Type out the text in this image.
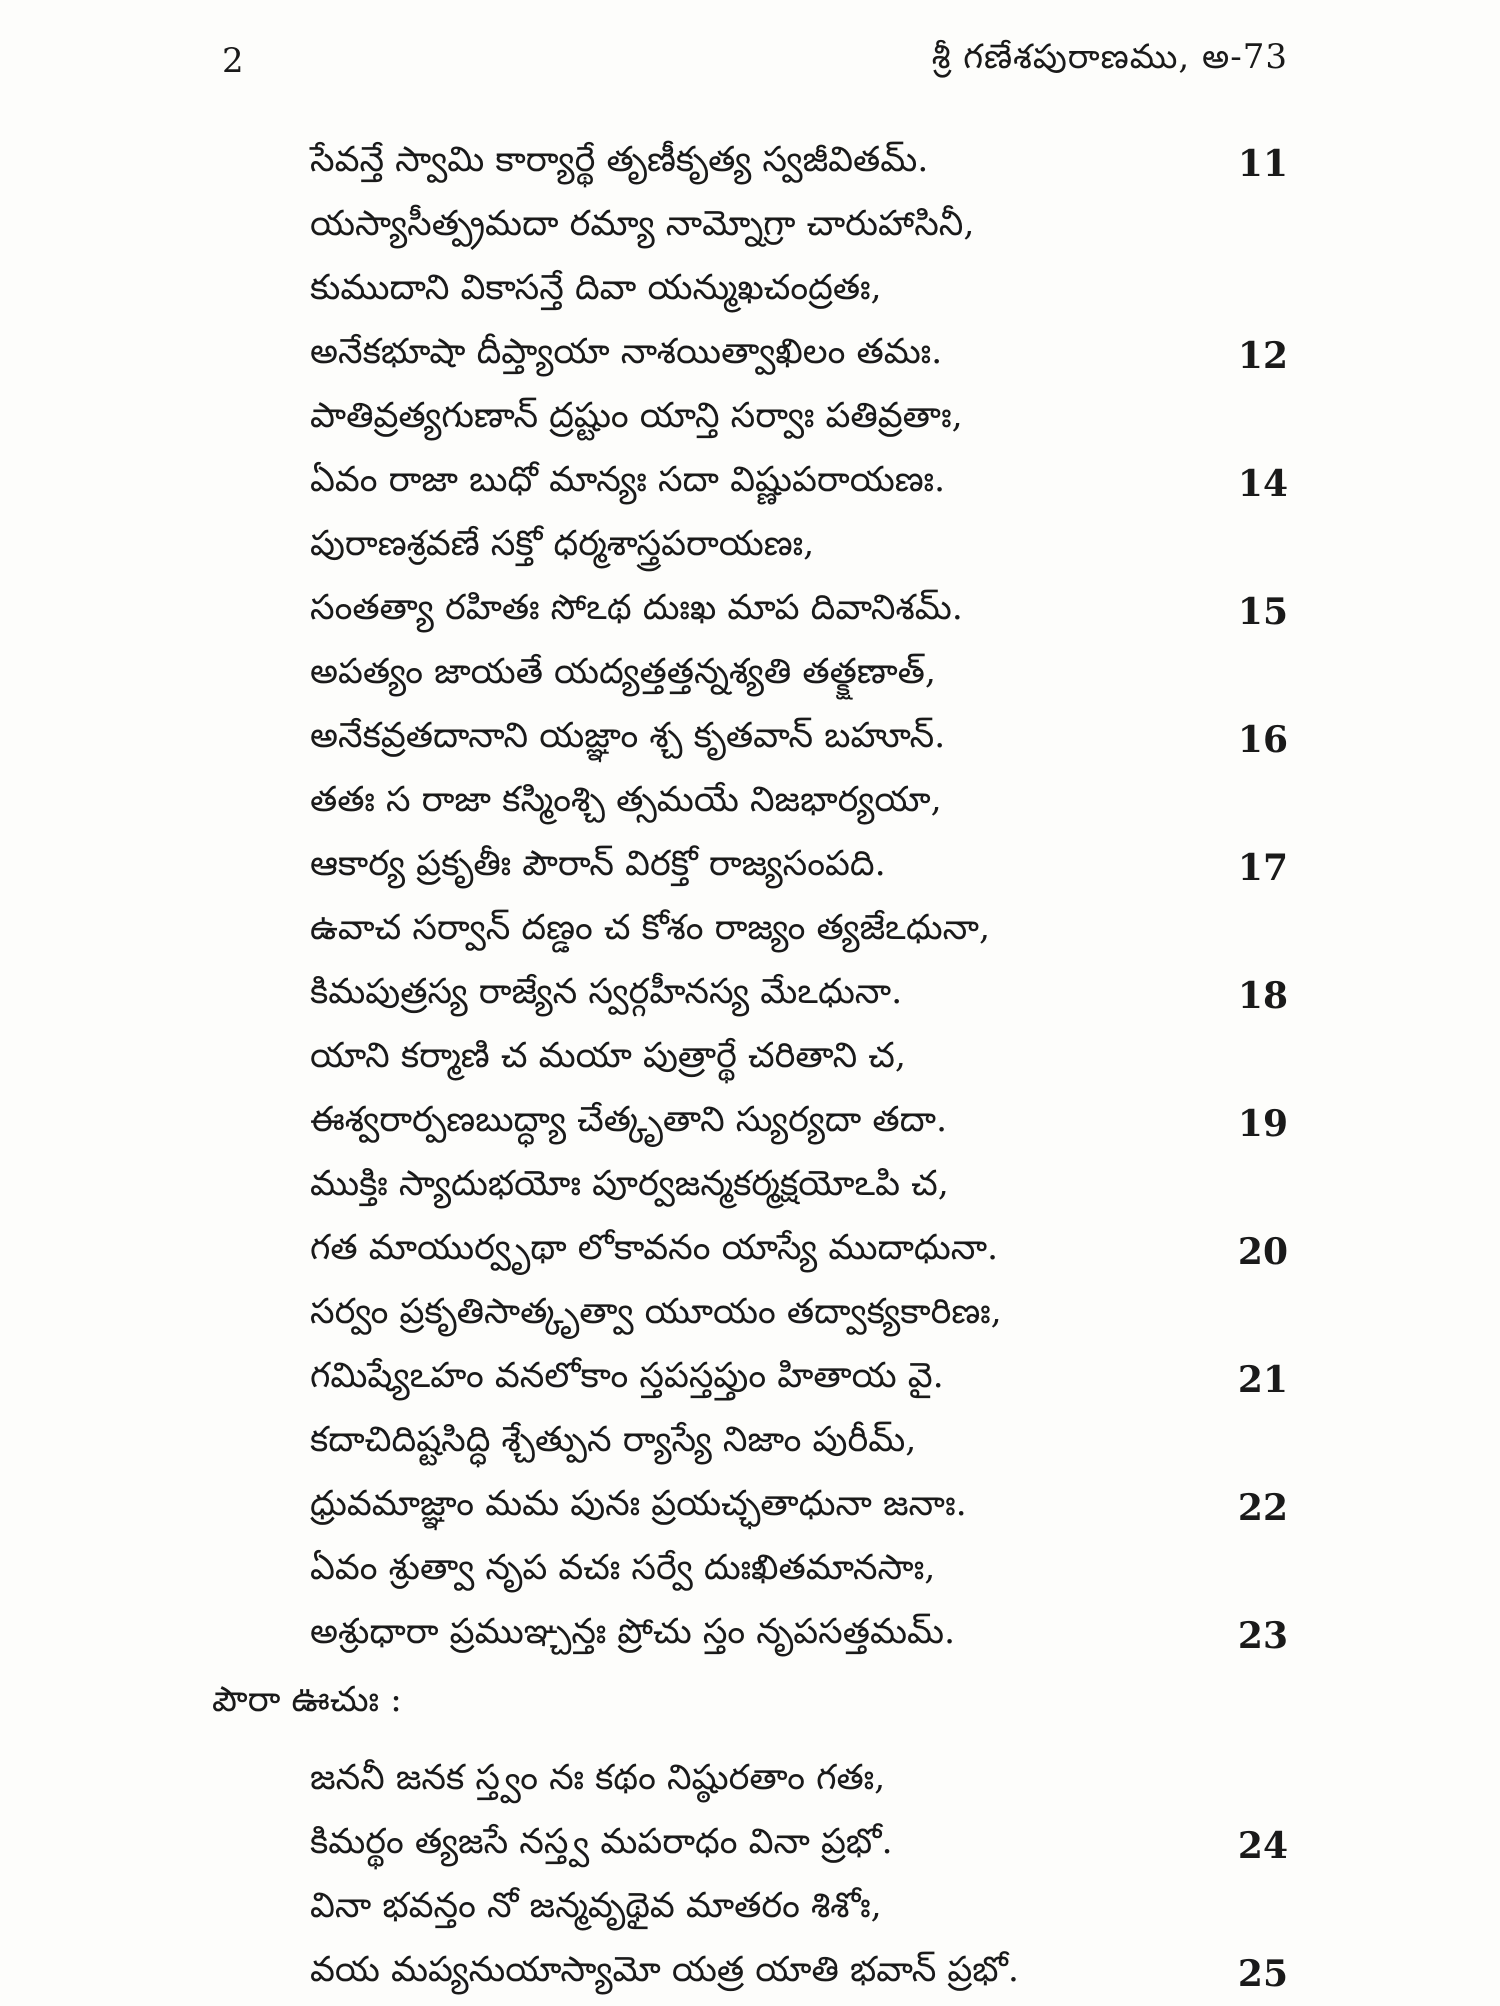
2	శ్రీ గణేశపురాణము, అ-73
సేవన్తే స్వామి కార్యార్థే తృణీకృత్య స్వజీవితమ్.	11
యస్యాసీత్ప్రమదా రమ్యా నామ్నోగ్రా చారుహాసినీ,
కుముదాని వికాసన్తే దివా యన్ముఖచంద్రతః,
అనేకభూషా దీప్త్యాయా నాశయిత్వాఖిలం తమః.	12
పాతివ్రత్యగుణాన్ ద్రష్టుం యాన్తి సర్వాః పతివ్రతాః,
ఏవం రాజా బుధో మాన్యః సదా విష్ణుపరాయణః.	14
పురాణశ్రవణే సక్తో ధర్మశాస్త్రపరాయణః,
సంతత్యా రహితః సోఽథ దుఃఖ మాప దివానిశమ్.	15
అపత్యం జాయతే యద్యత్తత్తన్నశ్యతి తత్క్షణాత్,
అనేకవ్రతదానాని యజ్ఞాం శ్చ కృతవాన్ బహూన్.	16
తతః స రాజా కస్మింశ్చి త్సమయే నిజభార్యయా,
ఆకార్య ప్రకృతీః పౌరాన్ విరక్తో రాజ్యసంపది.	17
ఉవాచ సర్వాన్ దణ్డం చ కోశం రాజ్యం త్యజేఽధునా,
కిమపుత్రస్య రాజ్యేన స్వర్గహీనస్య మేఽధునా.	18
యాని కర్మాణి చ మయా పుత్రార్థే చరితాని చ,
ఈశ్వరార్పణబుద్ధ్యా చేత్కృతాని స్యుర్యదా తదా.	19
ముక్తిః స్యాదుభయోః పూర్వజన్మకర్మక్షయోఽపి చ,
గత మాయుర్వృథా లోకావనం యాస్యే ముదాధునా.	20
సర్వం ప్రకృతిసాత్కృత్వా యూయం తద్వాక్యకారిణః,
గమిష్యేఽహం వనలోకాం స్తపస్తప్తుం హితాయ వై.	21
కదాచిదిష్టసిద్ధి శ్చేత్పున ర్యాస్యే నిజాం పురీమ్,
ధ్రువమాజ్ఞాం మమ పునః ప్రయచ్ఛతాధునా జనాః.	22
ఏవం శ్రుత్వా నృప వచః సర్వే దుఃఖితమానసాః,
అశ్రుధారా ప్రముఞ్చన్తః ప్రోచు స్తం నృపసత్తమమ్.	23
పౌరా ఊచుః :
జననీ జనక స్త్వం నః కథం నిష్ఠురతాం గతః,
కిమర్థం త్యజసే నస్త్వ మపరాధం వినా ప్రభో.	24
వినా భవన్తం నో జన్మవృథైవ మాతరం శిశోః,
వయ మప్యనుయాస్యామో యత్ర యాతి భవాన్ ప్రభో.	25
